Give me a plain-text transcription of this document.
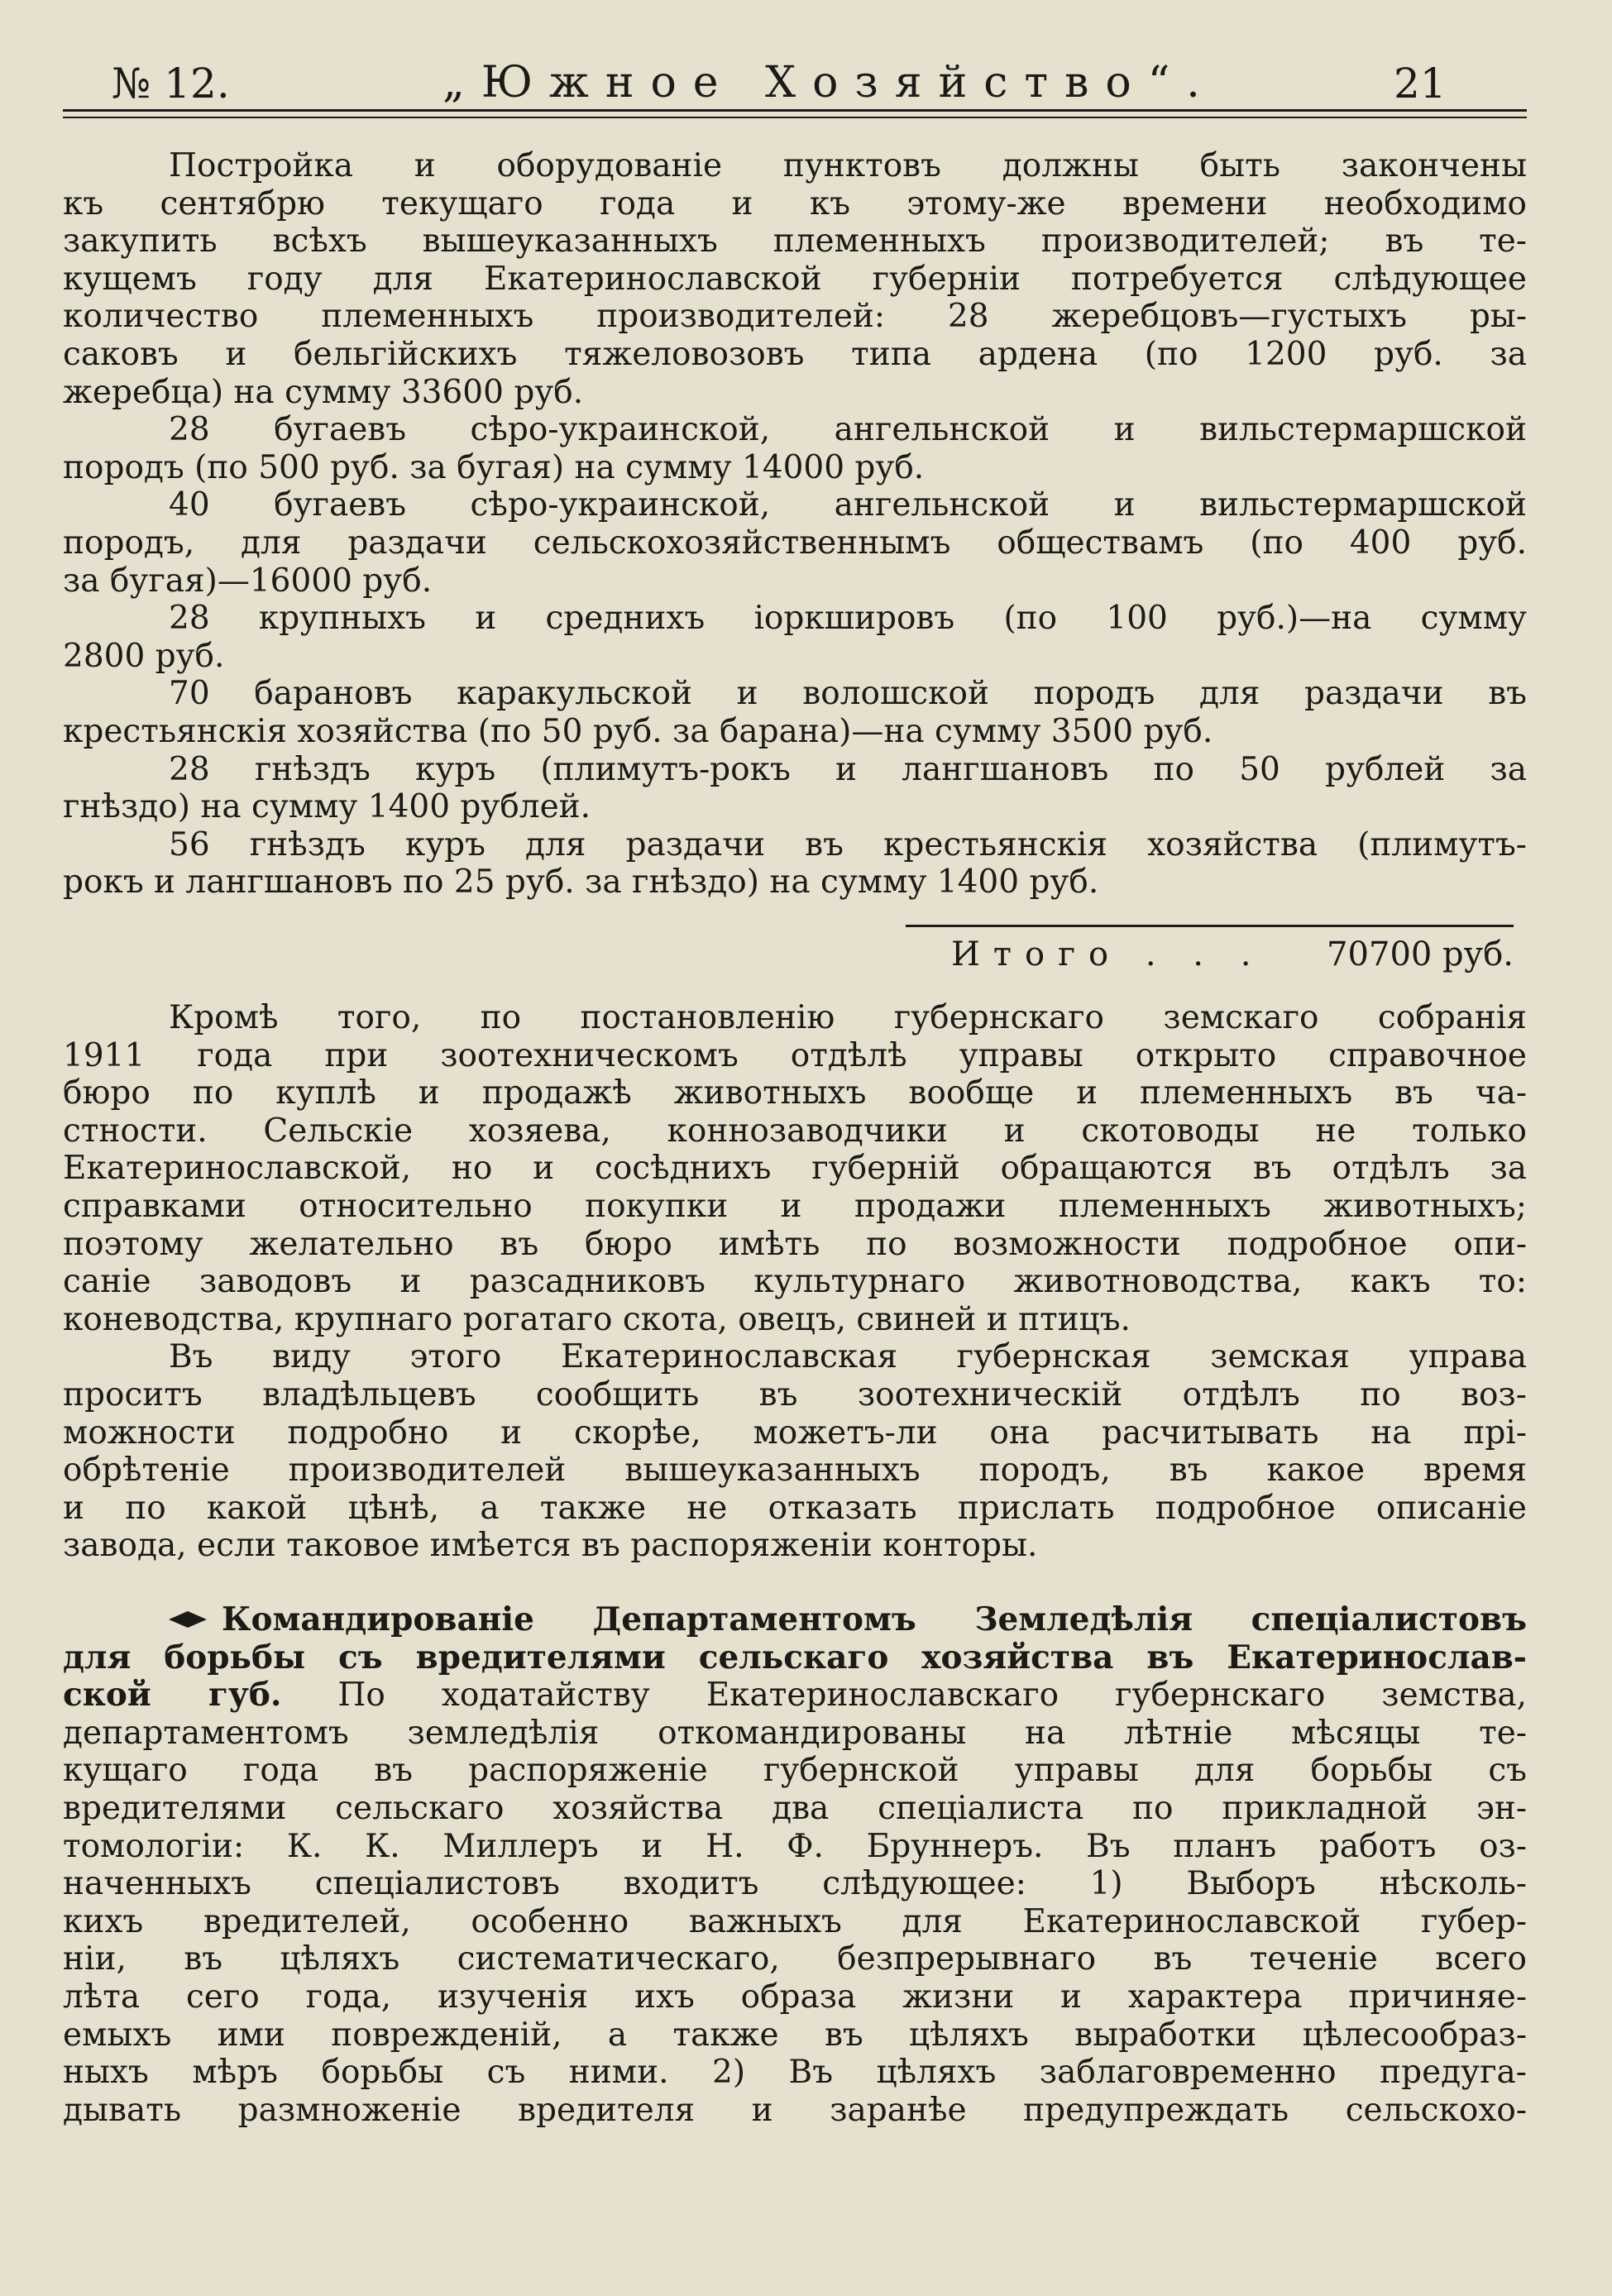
№ 12.	„Южное Хозяйство“.	21
Постройка и оборудованіе пунктовъ должны быть закончены
къ сентябрю текущаго года и къ этому-же времени необходимо
закупить всѣхъ вышеуказанныхъ племенныхъ производителей; въ те-
кущемъ году для Екатеринославской губерніи потребуется слѣдующее
количество племенныхъ производителей: 28 жеребцовъ—густыхъ ры-
саковъ и бельгійскихъ тяжеловозовъ типа ардена (по 1200 руб. за
жеребца) на сумму 33600 руб.
28 бугаевъ сѣро-украинской, ангельнской и вильстермаршской
породъ (по 500 руб. за бугая) на сумму 14000 руб.
40 бугаевъ сѣро-украинской, ангельнской и вильстермаршской
породъ, для раздачи сельскохозяйственнымъ обществамъ (по 400 руб.
за бугая)—16000 руб.
28 крупныхъ и среднихъ іоркшировъ (по 100 руб.)—на сумму
2800 руб.
70 барановъ каракульской и волошской породъ для раздачи въ
крестьянскія хозяйства (по 50 руб. за барана)—на сумму 3500 руб.
28 гнѣздъ куръ (плимутъ-рокъ и лангшановъ по 50 рублей за
гнѣздо) на сумму 1400 рублей.
56 гнѣздъ куръ для раздачи въ крестьянскія хозяйства (плимутъ-
рокъ и лангшановъ по 25 руб. за гнѣздо) на сумму 1400 руб.
Итого . . . 70700 руб.
Кромѣ того, по постановленію губернскаго земскаго собранія
1911 года при зоотехническомъ отдѣлѣ управы открыто справочное
бюро по куплѣ и продажѣ животныхъ вообще и племенныхъ въ ча-
стности. Сельскіе хозяева, коннозаводчики и скотоводы не только
Екатеринославской, но и сосѣднихъ губерній обращаются въ отдѣлъ за
справками относительно покупки и продажи племенныхъ животныхъ;
поэтому желательно въ бюро имѣть по возможности подробное опи-
саніе заводовъ и разсадниковъ культурнаго животноводства, какъ то:
коневодства, крупнаго рогатаго скота, овецъ, свиней и птицъ.
Въ виду этого Екатеринославская губернская земская управа
проситъ владѣльцевъ сообщить въ зоотехническій отдѣлъ по воз-
можности подробно и скорѣе, можетъ-ли она расчитывать на прі-
обрѣтеніе производителей вышеуказанныхъ породъ, въ какое время
и по какой цѣнѣ, а также не отказать прислать подробное описаніе
завода, если таковое имѣется въ распоряженіи конторы.
Командированіе Департаментомъ Земледѣлія спеціалистовъ
для борьбы съ вредителями сельскаго хозяйства въ Екатеринослав-
ской губ. По ходатайству Екатеринославскаго губернскаго земства,
департаментомъ земледѣлія откомандированы на лѣтніе мѣсяцы те-
кущаго года въ распоряженіе губернской управы для борьбы съ
вредителями сельскаго хозяйства два спеціалиста по прикладной эн-
томологіи: К. К. Миллеръ и Н. Ф. Бруннеръ. Въ планъ работъ оз-
наченныхъ спеціалистовъ входитъ слѣдующее: 1) Выборъ нѣсколь-
кихъ вредителей, особенно важныхъ для Екатеринославской губер-
ніи, въ цѣляхъ систематическаго, безпрерывнаго въ теченіе всего
лѣта сего года, изученія ихъ образа жизни и характера причиняе-
емыхъ ими поврежденій, а также въ цѣляхъ выработки цѣлесообраз-
ныхъ мѣръ борьбы съ ними. 2) Въ цѣляхъ заблаговременно предуга-
дывать размноженіе вредителя и заранѣе предупреждать сельскохо-
